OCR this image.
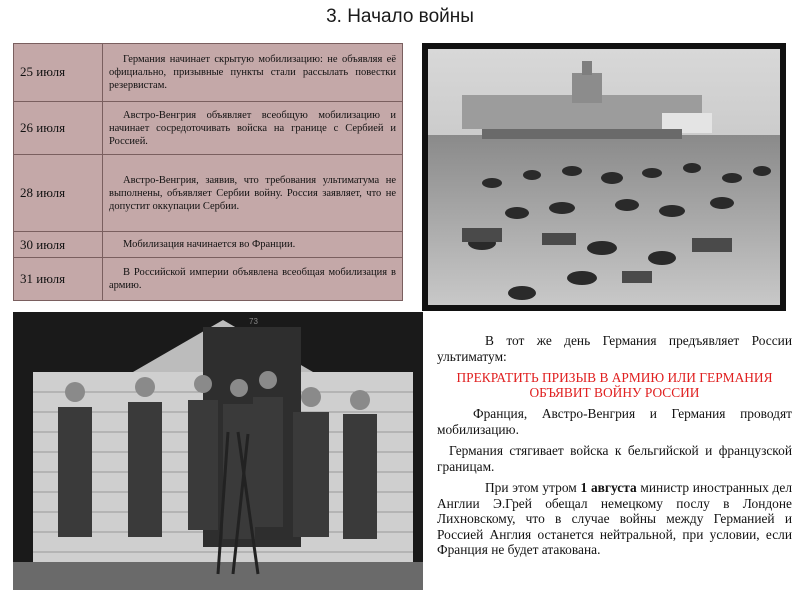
3. Начало войны
25 июля	Германия начинает скрытую мобилизацию: не объявляя её официально, призывные пункты стали рассылать повестки резервистам.
26 июля	Австро-Венгрия объявляет всеобщую мобилизацию и начинает сосредоточивать войска на границе с Сербией и Россией.
28 июля	Австро-Венгрия, заявив, что требования ультиматума не выполнены, объявляет Сербии войну. Россия заявляет, что не допустит оккупации Сербии.
30 июля	Мобилизация начинается во Франции.
31 июля	В Российской империи объявлена всеобщая мобилизация в армию.
73

В тот же день Германия предъявляет России ультиматум:

ПРЕКРАТИТЬ ПРИЗЫВ В АРМИЮ ИЛИ ГЕРМАНИЯ ОБЪЯВИТ ВОЙНУ РОССИИ

Франция, Австро-Венгрия и Германия проводят мобилизацию.

Германия стягивает войска к бельгийской и французской границам.

При этом утром 1 августа министр иностранных дел Англии Э.Грей обещал немецкому послу в Лондоне Лихновскому, что в случае войны между Германией и Россией Англия останется нейтральной, при условии, если Франция не будет атакована.
